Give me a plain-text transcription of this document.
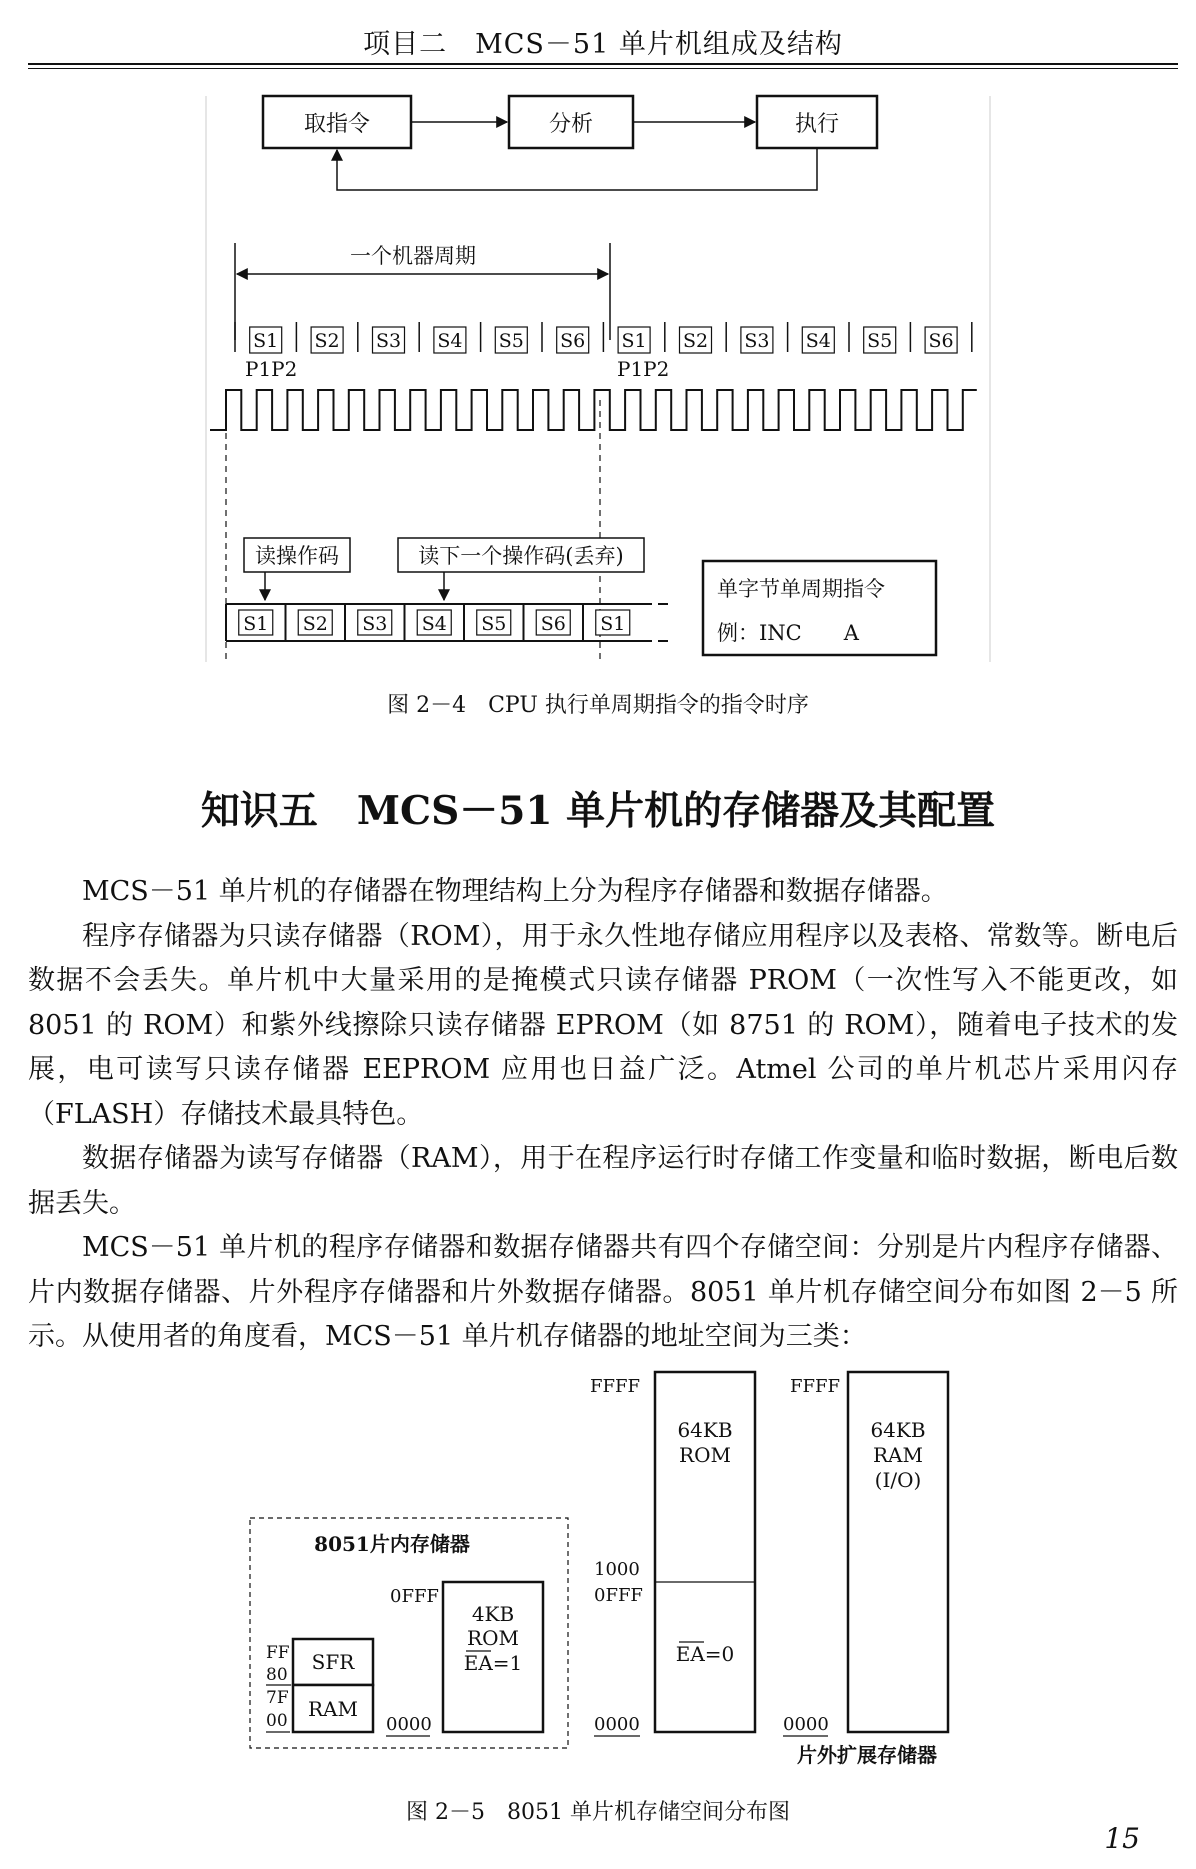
项目二　MCS－51 单片机组成及结构
取指令	分析	执行
一个机器周期
S1 S2 S3 S4 S5 S6 S1 S2 S3 S4 S5 S6
P1P2	P1P2
读操作码	读下一个操作码(丢弃)
S1 S2 S3 S4 S5 S6 S1
单字节单周期指令
例：INC　　A
图 2－4　CPU 执行单周期指令的指令时序
知识五　MCS－51 单片机的存储器及其配置

MCS－51 单片机的存储器在物理结构上分为程序存储器和数据存储器。

程序存储器为只读存储器（ROM），用于永久性地存储应用程序以及表格、常数等。断电后数据不会丢失。单片机中大量采用的是掩模式只读存储器 PROM（一次性写入不能更改，如 8051 的 ROM）和紫外线擦除只读存储器 EPROM（如 8751 的 ROM），随着电子技术的发展，电可读写只读存储器 EEPROM 应用也日益广泛。Atmel 公司的单片机芯片采用闪存（FLASH）存储技术最具特色。

数据存储器为读写存储器（RAM），用于在程序运行时存储工作变量和临时数据，断电后数据丢失。

MCS－51 单片机的程序存储器和数据存储器共有四个存储空间：分别是片内程序存储器、片内数据存储器、片外程序存储器和片外数据存储器。8051 单片机存储空间分布如图 2－5 所示。从使用者的角度看，MCS－51 单片机存储器的地址空间为三类：

8051片内存储器
SFR
RAM
FF
80
7F
00
4KB
ROM
EA=1
0FFF
0000
64KB
ROM
EA=0
FFFF
1000
0FFF
0000
64KB
RAM
(I/O)
FFFF
0000
片外扩展存储器
图 2－5　8051 单片机存储空间分布图
15
